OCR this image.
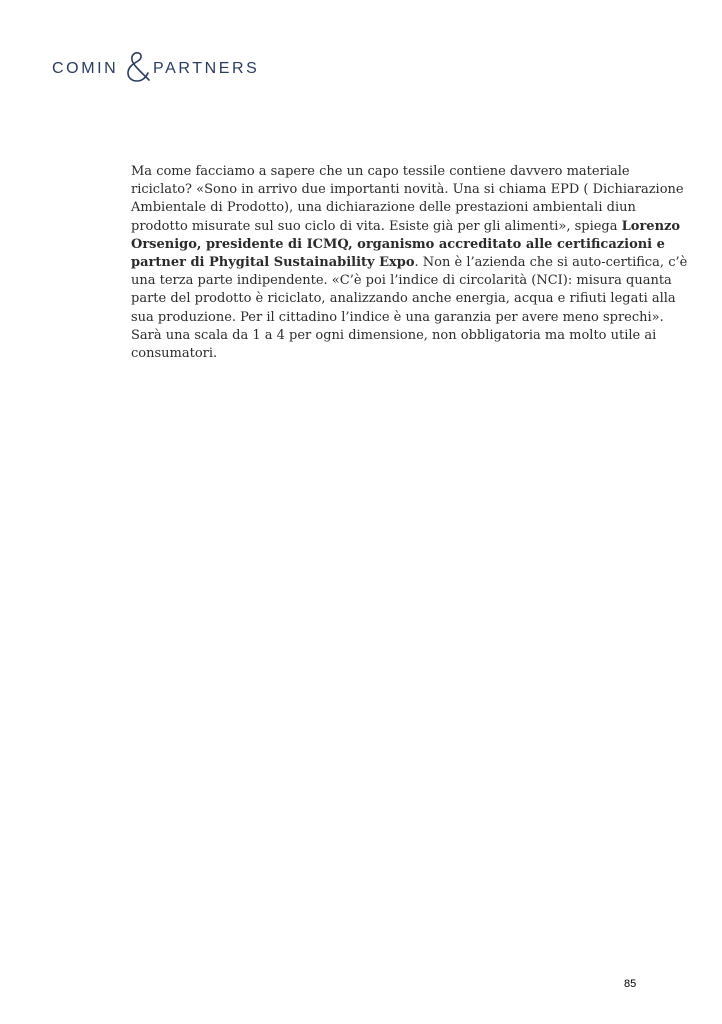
COMIN PARTNERS

Ma come facciamo a sapere che un capo tessile contiene davvero materiale
riciclato? «Sono in arrivo due importanti novità. Una si chiama EPD ( Dichiarazione
Ambientale di Prodotto), una dichiarazione delle prestazioni ambientali diun
prodotto misurate sul suo ciclo di vita. Esiste già per gli alimenti», spiega Lorenzo
Orsenigo, presidente di ICMQ, organismo accreditato alle certificazioni e
partner di Phygital Sustainability Expo. Non è l’azienda che si auto-certifica, c’è
una terza parte indipendente. «C’è poi l’indice di circolarità (NCI): misura quanta
parte del prodotto è riciclato, analizzando anche energia, acqua e rifiuti legati alla
sua produzione. Per il cittadino l’indice è una garanzia per avere meno sprechi».
Sarà una scala da 1 a 4 per ogni dimensione, non obbligatoria ma molto utile ai
consumatori.

85
